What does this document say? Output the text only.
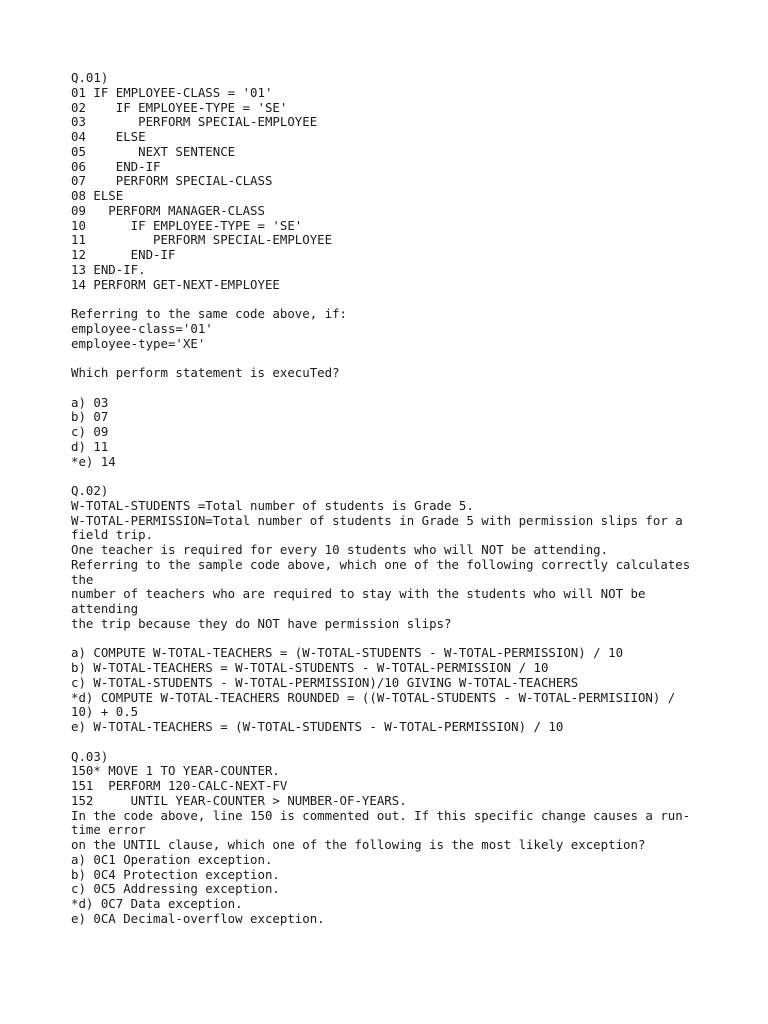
Q.01)
01 IF EMPLOYEE-CLASS = '01'
02    IF EMPLOYEE-TYPE = 'SE'
03       PERFORM SPECIAL-EMPLOYEE
04    ELSE
05       NEXT SENTENCE
06    END-IF
07    PERFORM SPECIAL-CLASS
08 ELSE
09   PERFORM MANAGER-CLASS
10      IF EMPLOYEE-TYPE = 'SE'
11         PERFORM SPECIAL-EMPLOYEE
12      END-IF
13 END-IF.
14 PERFORM GET-NEXT-EMPLOYEE
Referring to the same code above, if:
employee-class='01'
employee-type='XE'
Which perform statement is execuTed?
a) 03
b) 07
c) 09
d) 11
*e) 14
Q.02)
W-TOTAL-STUDENTS =Total number of students is Grade 5.
W-TOTAL-PERMISSION=Total number of students in Grade 5 with permission slips for a
field trip.
One teacher is required for every 10 students who will NOT be attending.
Referring to the sample code above, which one of the following correctly calculates
the
number of teachers who are required to stay with the students who will NOT be
attending
the trip because they do NOT have permission slips?
a) COMPUTE W-TOTAL-TEACHERS = (W-TOTAL-STUDENTS - W-TOTAL-PERMISSION) / 10
b) W-TOTAL-TEACHERS = W-TOTAL-STUDENTS - W-TOTAL-PERMISSION / 10
c) W-TOTAL-STUDENTS - W-TOTAL-PERMISSION)/10 GIVING W-TOTAL-TEACHERS
*d) COMPUTE W-TOTAL-TEACHERS ROUNDED = ((W-TOTAL-STUDENTS - W-TOTAL-PERMISIION) /
10) + 0.5
e) W-TOTAL-TEACHERS = (W-TOTAL-STUDENTS - W-TOTAL-PERMISSION) / 10
Q.03)
150* MOVE 1 TO YEAR-COUNTER.
151  PERFORM 120-CALC-NEXT-FV
152     UNTIL YEAR-COUNTER > NUMBER-OF-YEARS.
In the code above, line 150 is commented out. If this specific change causes a run-
time error
on the UNTIL clause, which one of the following is the most likely exception?
a) 0C1 Operation exception.
b) 0C4 Protection exception.
c) 0C5 Addressing exception.
*d) 0C7 Data exception.
e) 0CA Decimal-overflow exception.
